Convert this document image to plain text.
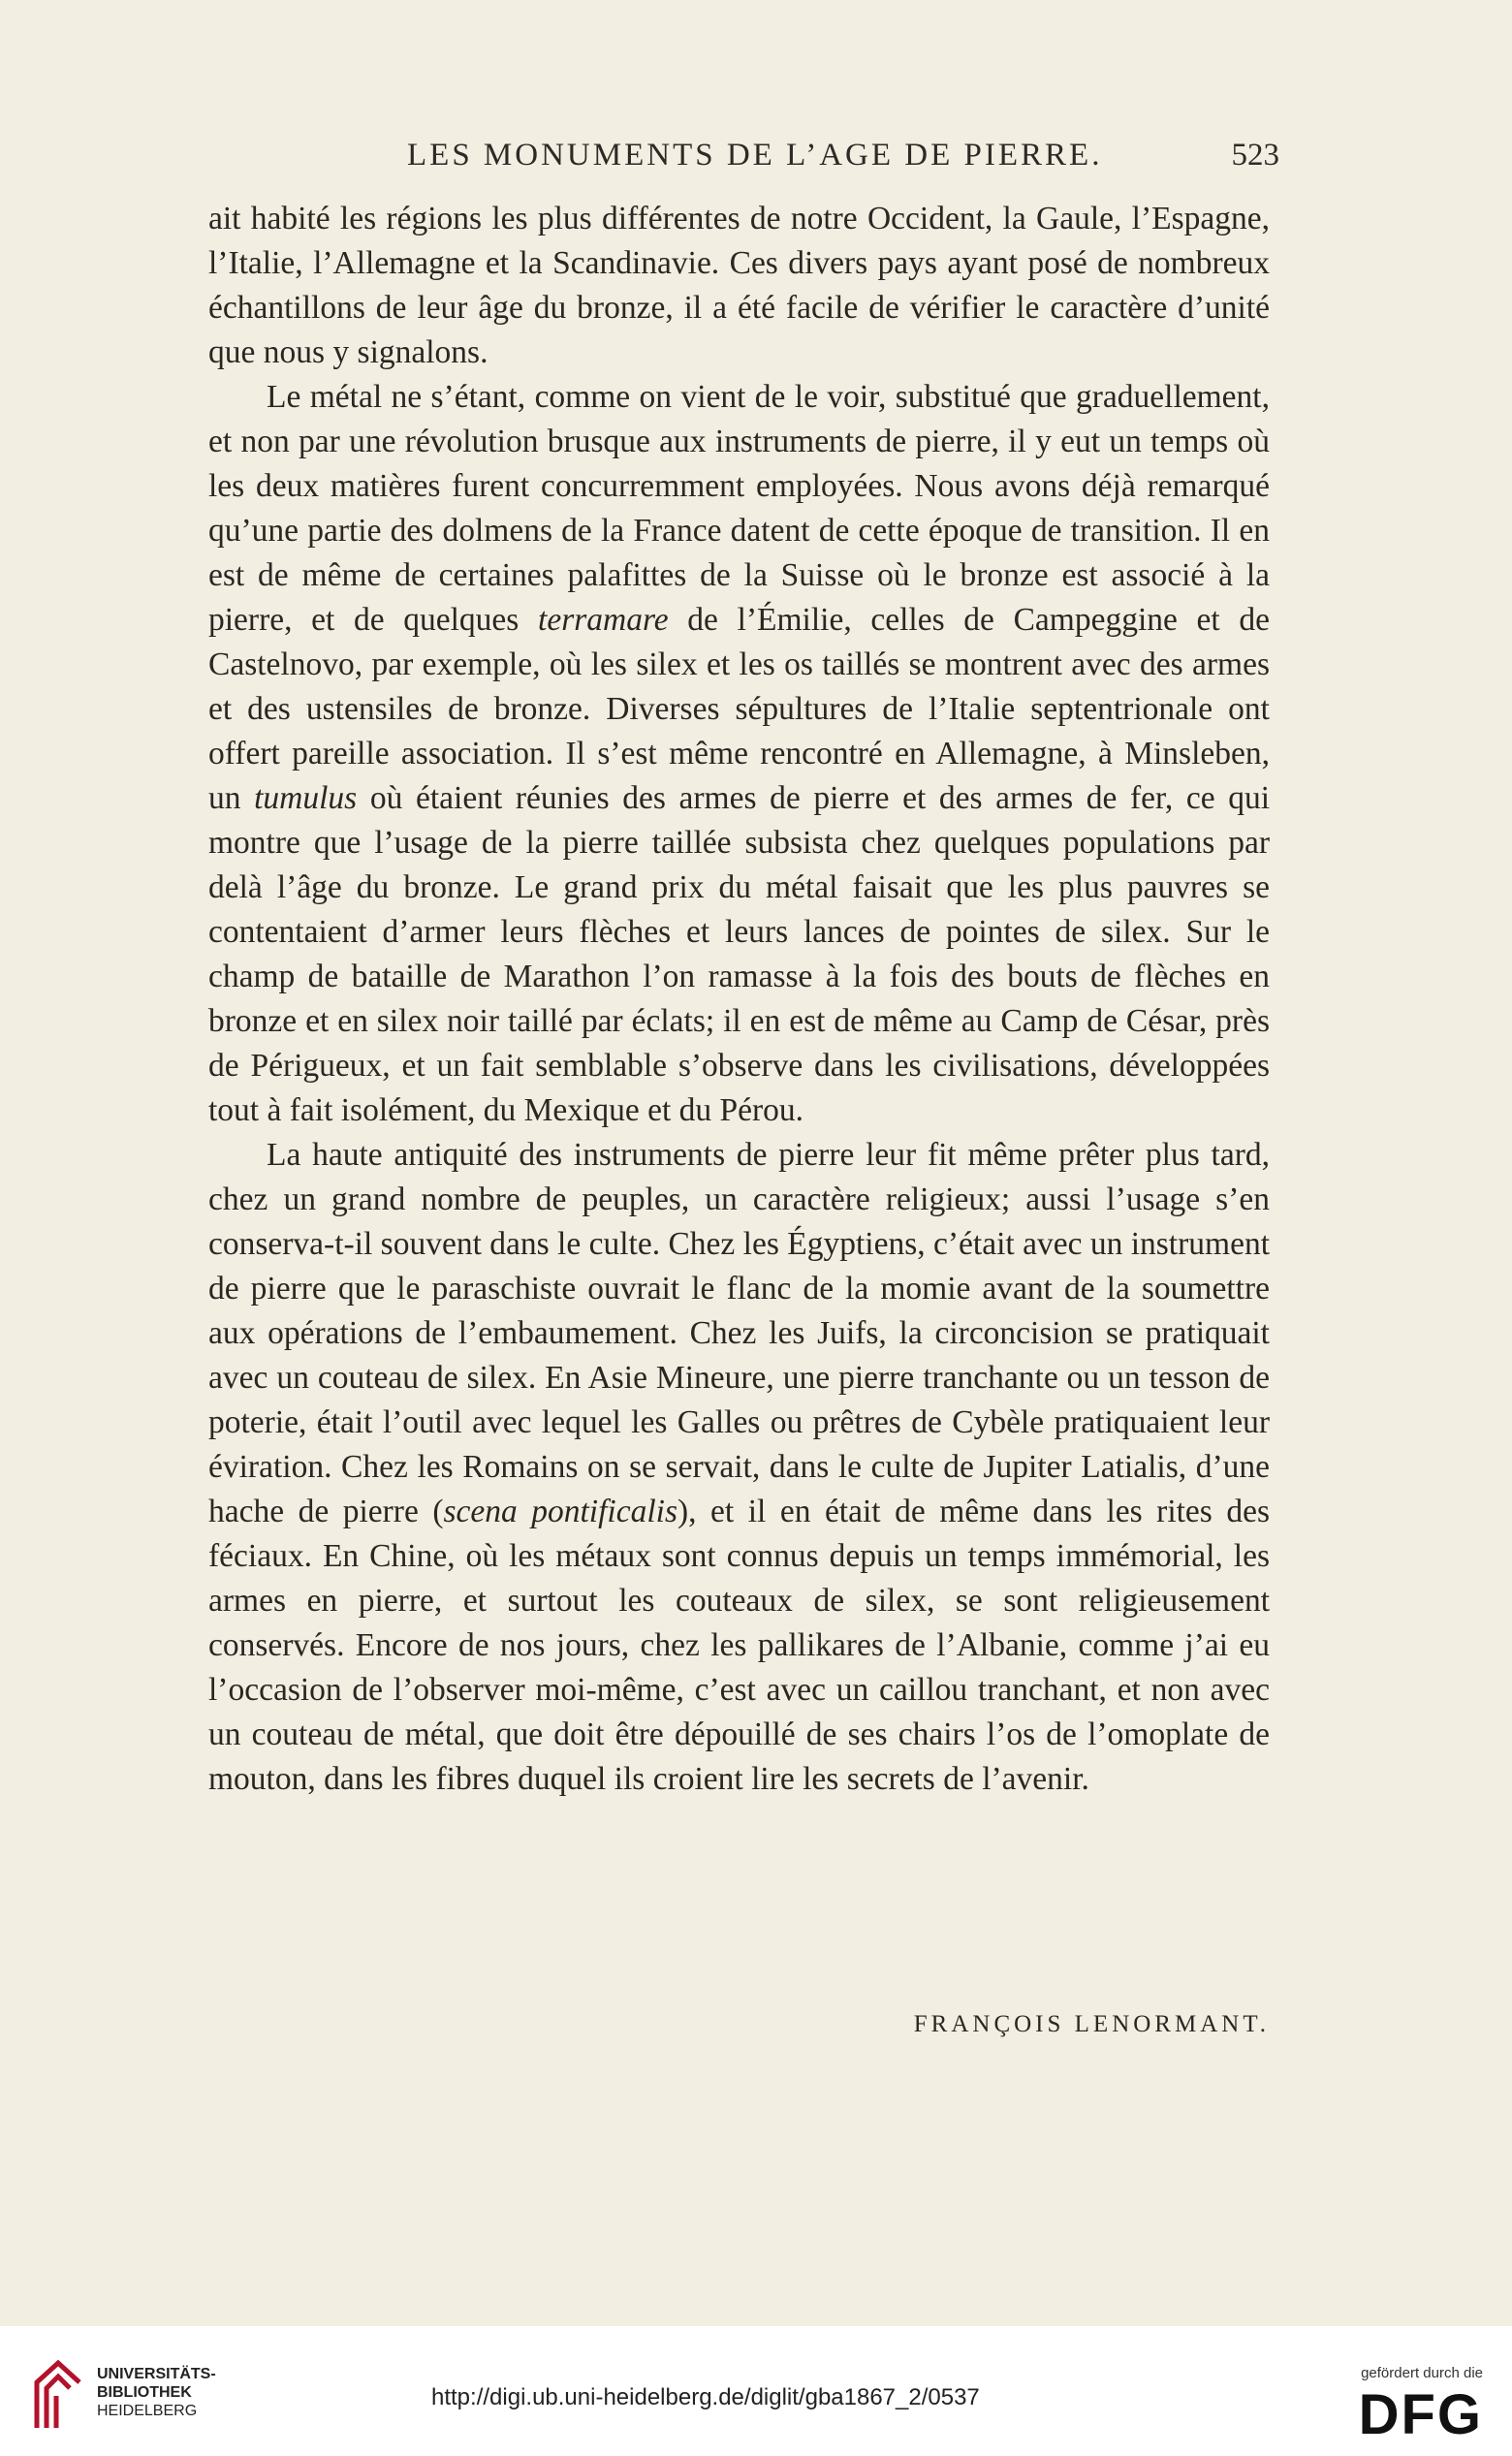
LES MONUMENTS DE L’AGE DE PIERRE.	523

ait habité les régions les plus différentes de notre Occident, la Gaule, l’Espagne, l’Italie, l’Allemagne et la Scandinavie. Ces divers pays ayant posé de nombreux échantillons de leur âge du bronze, il a été facile de vérifier le caractère d’unité que nous y signalons.

Le métal ne s’étant, comme on vient de le voir, substitué que graduellement, et non par une révolution brusque aux instruments de pierre, il y eut un temps où les deux matières furent concurremment employées. Nous avons déjà remarqué qu’une partie des dolmens de la France datent de cette époque de transition. Il en est de même de certaines palafittes de la Suisse où le bronze est associé à la pierre, et de quelques terramare de l’Émilie, celles de Campeggine et de Castelnovo, par exemple, où les silex et les os taillés se montrent avec des armes et des ustensiles de bronze. Diverses sépultures de l’Italie septentrionale ont offert pareille association. Il s’est même rencontré en Allemagne, à Minsleben, un tumulus où étaient réunies des armes de pierre et des armes de fer, ce qui montre que l’usage de la pierre taillée subsista chez quelques populations par delà l’âge du bronze. Le grand prix du métal faisait que les plus pauvres se contentaient d’armer leurs flèches et leurs lances de pointes de silex. Sur le champ de bataille de Marathon l’on ramasse à la fois des bouts de flèches en bronze et en silex noir taillé par éclats; il en est de même au Camp de César, près de Périgueux, et un fait semblable s’observe dans les civilisations, développées tout à fait isolément, du Mexique et du Pérou.

La haute antiquité des instruments de pierre leur fit même prêter plus tard, chez un grand nombre de peuples, un caractère religieux; aussi l’usage s’en conserva-t-il souvent dans le culte. Chez les Égyptiens, c’était avec un instrument de pierre que le paraschiste ouvrait le flanc de la momie avant de la soumettre aux opérations de l’embaumement. Chez les Juifs, la circoncision se pratiquait avec un couteau de silex. En Asie Mineure, une pierre tranchante ou un tesson de poterie, était l’outil avec lequel les Galles ou prêtres de Cybèle pratiquaient leur éviration. Chez les Romains on se servait, dans le culte de Jupiter Latialis, d’une hache de pierre (scena pontificalis), et il en était de même dans les rites des féciaux. En Chine, où les métaux sont connus depuis un temps immémorial, les armes en pierre, et surtout les couteaux de silex, se sont religieusement conservés. Encore de nos jours, chez les pallikares de l’Albanie, comme j’ai eu l’occasion de l’observer moi-même, c’est avec un caillou tranchant, et non avec un couteau de métal, que doit être dépouillé de ses chairs l’os de l’omoplate de mouton, dans les fibres duquel ils croient lire les secrets de l’avenir.

FRANÇOIS LENORMANT.
UNIVERSITÄTS-
BIBLIOTHEK
HEIDELBERG
http://digi.ub.uni-heidelberg.de/diglit/gba1867_2/0537
gefördert durch die
DFG
